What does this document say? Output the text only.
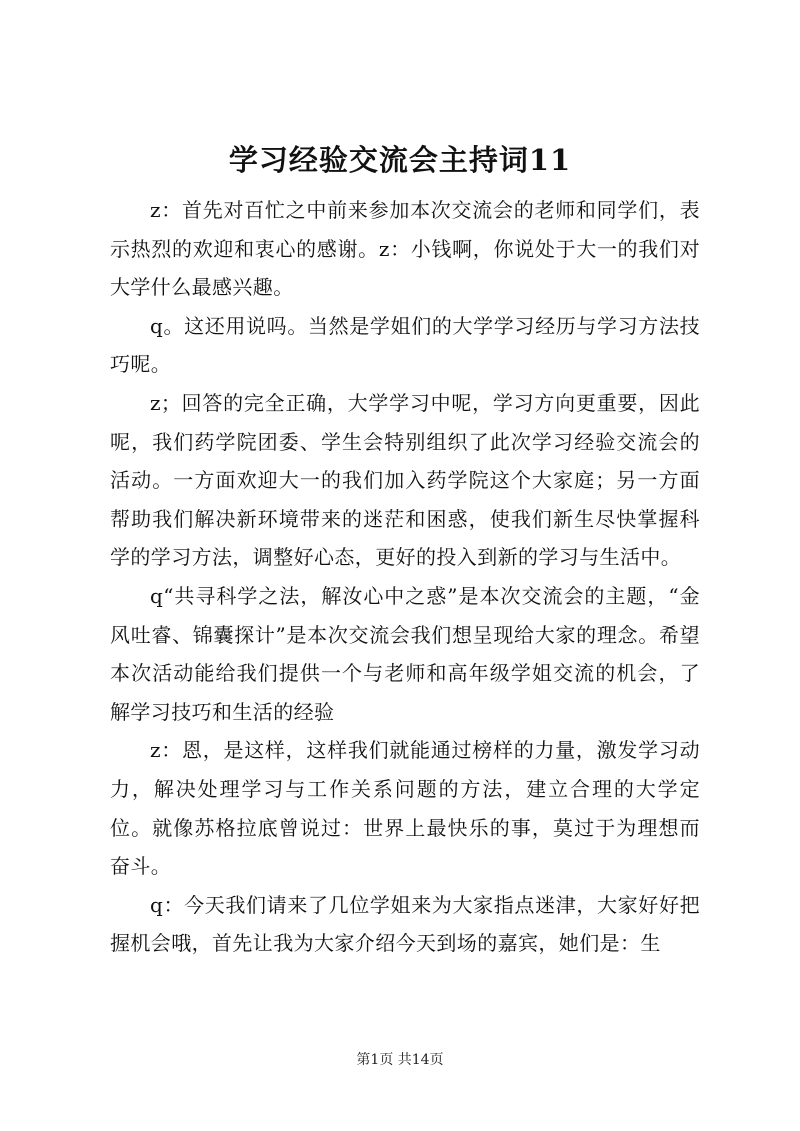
学习经验交流会主持词11

z：首先对百忙之中前来参加本次交流会的老师和同学们，表示热烈的欢迎和衷心的感谢。z：小钱啊，你说处于大一的我们对大学什么最感兴趣。

q。这还用说吗。当然是学姐们的大学学习经历与学习方法技巧呢。

z；回答的完全正确，大学学习中呢，学习方向更重要，因此呢，我们药学院团委、学生会特别组织了此次学习经验交流会的活动。一方面欢迎大一的我们加入药学院这个大家庭；另一方面帮助我们解决新环境带来的迷茫和困惑，使我们新生尽快掌握科学的学习方法，调整好心态，更好的投入到新的学习与生活中。

q“共寻科学之法，解汝心中之惑”是本次交流会的主题，“金风吐睿、锦囊探计”是本次交流会我们想呈现给大家的理念。希望本次活动能给我们提供一个与老师和高年级学姐交流的机会，了解学习技巧和生活的经验

z：恩，是这样，这样我们就能通过榜样的力量，激发学习动力，解决处理学习与工作关系问题的方法，建立合理的大学定位。就像苏格拉底曾说过：世界上最快乐的事，莫过于为理想而奋斗。

q：今天我们请来了几位学姐来为大家指点迷津，大家好好把握机会哦，首先让我为大家介绍今天到场的嘉宾，她们是：生

第1页 共14页
